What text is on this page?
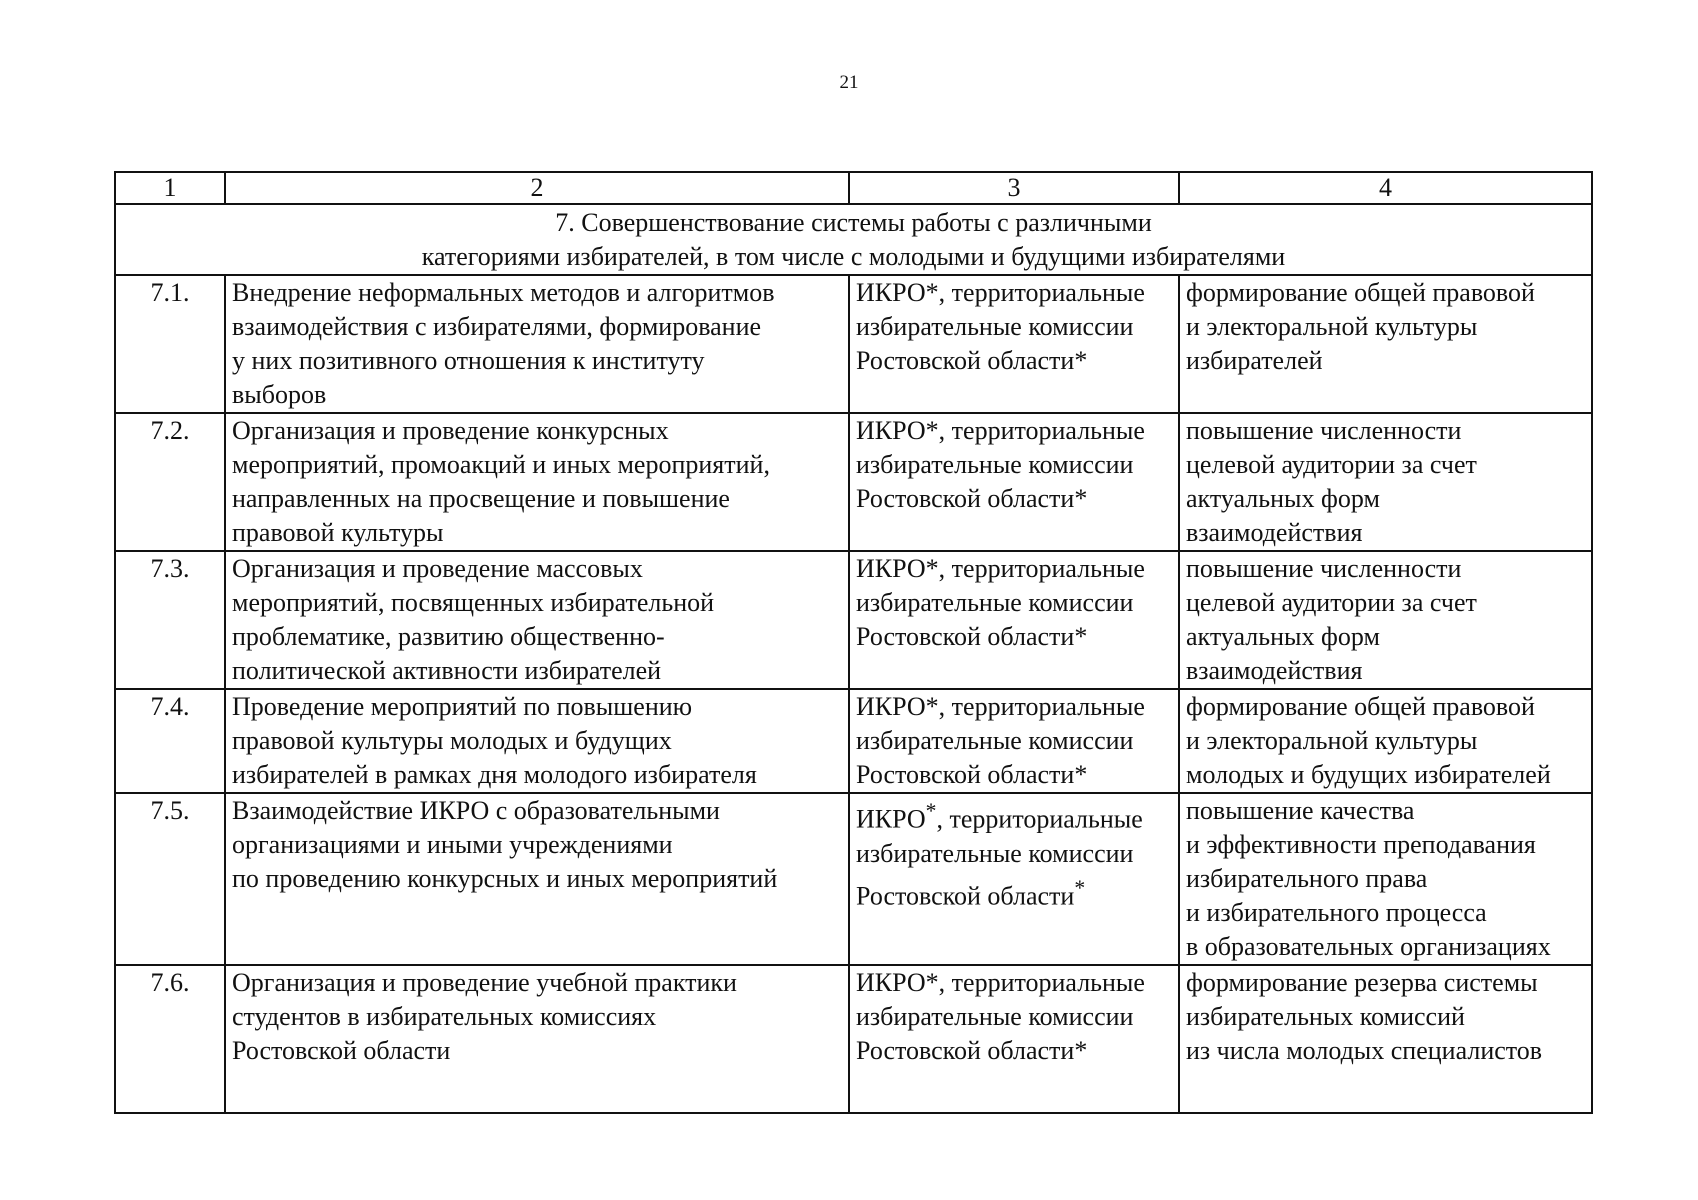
21
1	2	3	4
7. Совершенствование системы работы с различными
категориями избирателей, в том числе с молодыми и будущими избирателями			
7.1.	Внедрение неформальных методов и алгоритмов
взаимодействия с избирателями, формирование
у них позитивного отношения к институту
выборов	ИКРО*, территориальные
избирательные комиссии
Ростовской области*	формирование общей правовой
и электоральной культуры
избирателей
7.2.	Организация и проведение конкурсных
мероприятий, промоакций и иных мероприятий,
направленных на просвещение и повышение
правовой культуры	ИКРО*, территориальные
избирательные комиссии
Ростовской области*	повышение численности
целевой аудитории за счет
актуальных форм
взаимодействия
7.3.	Организация и проведение массовых
мероприятий, посвященных избирательной
проблематике, развитию общественно-
политической активности избирателей	ИКРО*, территориальные
избирательные комиссии
Ростовской области*	повышение численности
целевой аудитории за счет
актуальных форм
взаимодействия
7.4.	Проведение мероприятий по повышению
правовой культуры молодых и будущих
избирателей в рамках дня молодого избирателя	ИКРО*, территориальные
избирательные комиссии
Ростовской области*	формирование общей правовой
и электоральной культуры
молодых и будущих избирателей
7.5.	Взаимодействие ИКРО с образовательными
организациями и иными учреждениями
по проведению конкурсных и иных мероприятий	ИКРО*, территориальные
избирательные комиссии
Ростовской области*	повышение качества
и эффективности преподавания
избирательного права
и избирательного процесса
в образовательных организациях
7.6.	Организация и проведение учебной практики
студентов в избирательных комиссиях
Ростовской области	ИКРО*, территориальные
избирательные комиссии
Ростовской области*	формирование резерва системы
избирательных комиссий
из числа молодых специалистов
